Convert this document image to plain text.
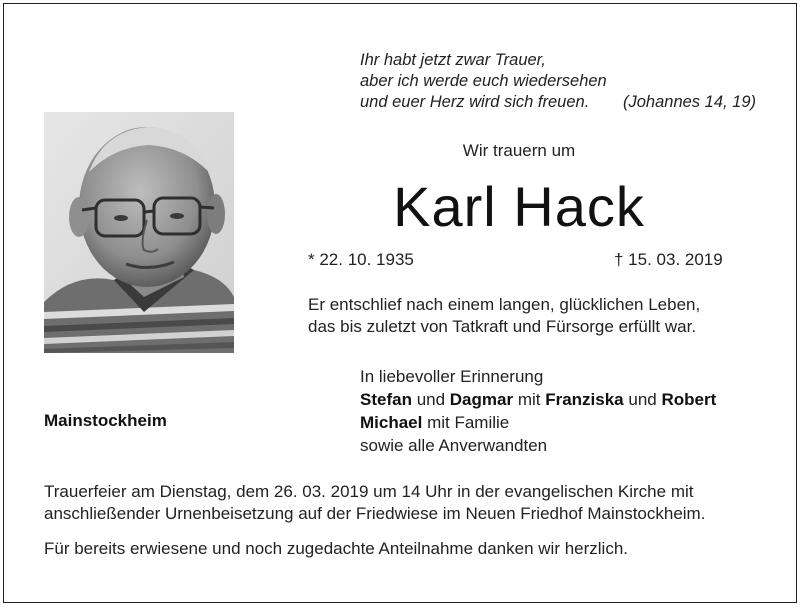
Ihr habt jetzt zwar Trauer,
aber ich werde euch wiedersehen
und euer Herz wird sich freuen.	(Johannes 14, 19)
Wir trauern um
Karl Hack
* 22. 10. 1935	† 15. 03. 2019
Er entschlief nach einem langen, glücklichen Leben,
das bis zuletzt von Tatkraft und Fürsorge erfüllt war.
Mainstockheim
In liebevoller Erinnerung
Stefan und Dagmar mit Franziska und Robert
Michael mit Familie
sowie alle Anverwandten
Trauerfeier am Dienstag, dem 26. 03. 2019 um 14 Uhr in der evangelischen Kirche mit
anschließender Urnenbeisetzung auf der Friedwiese im Neuen Friedhof Mainstockheim.
Für bereits erwiesene und noch zugedachte Anteilnahme danken wir herzlich.
